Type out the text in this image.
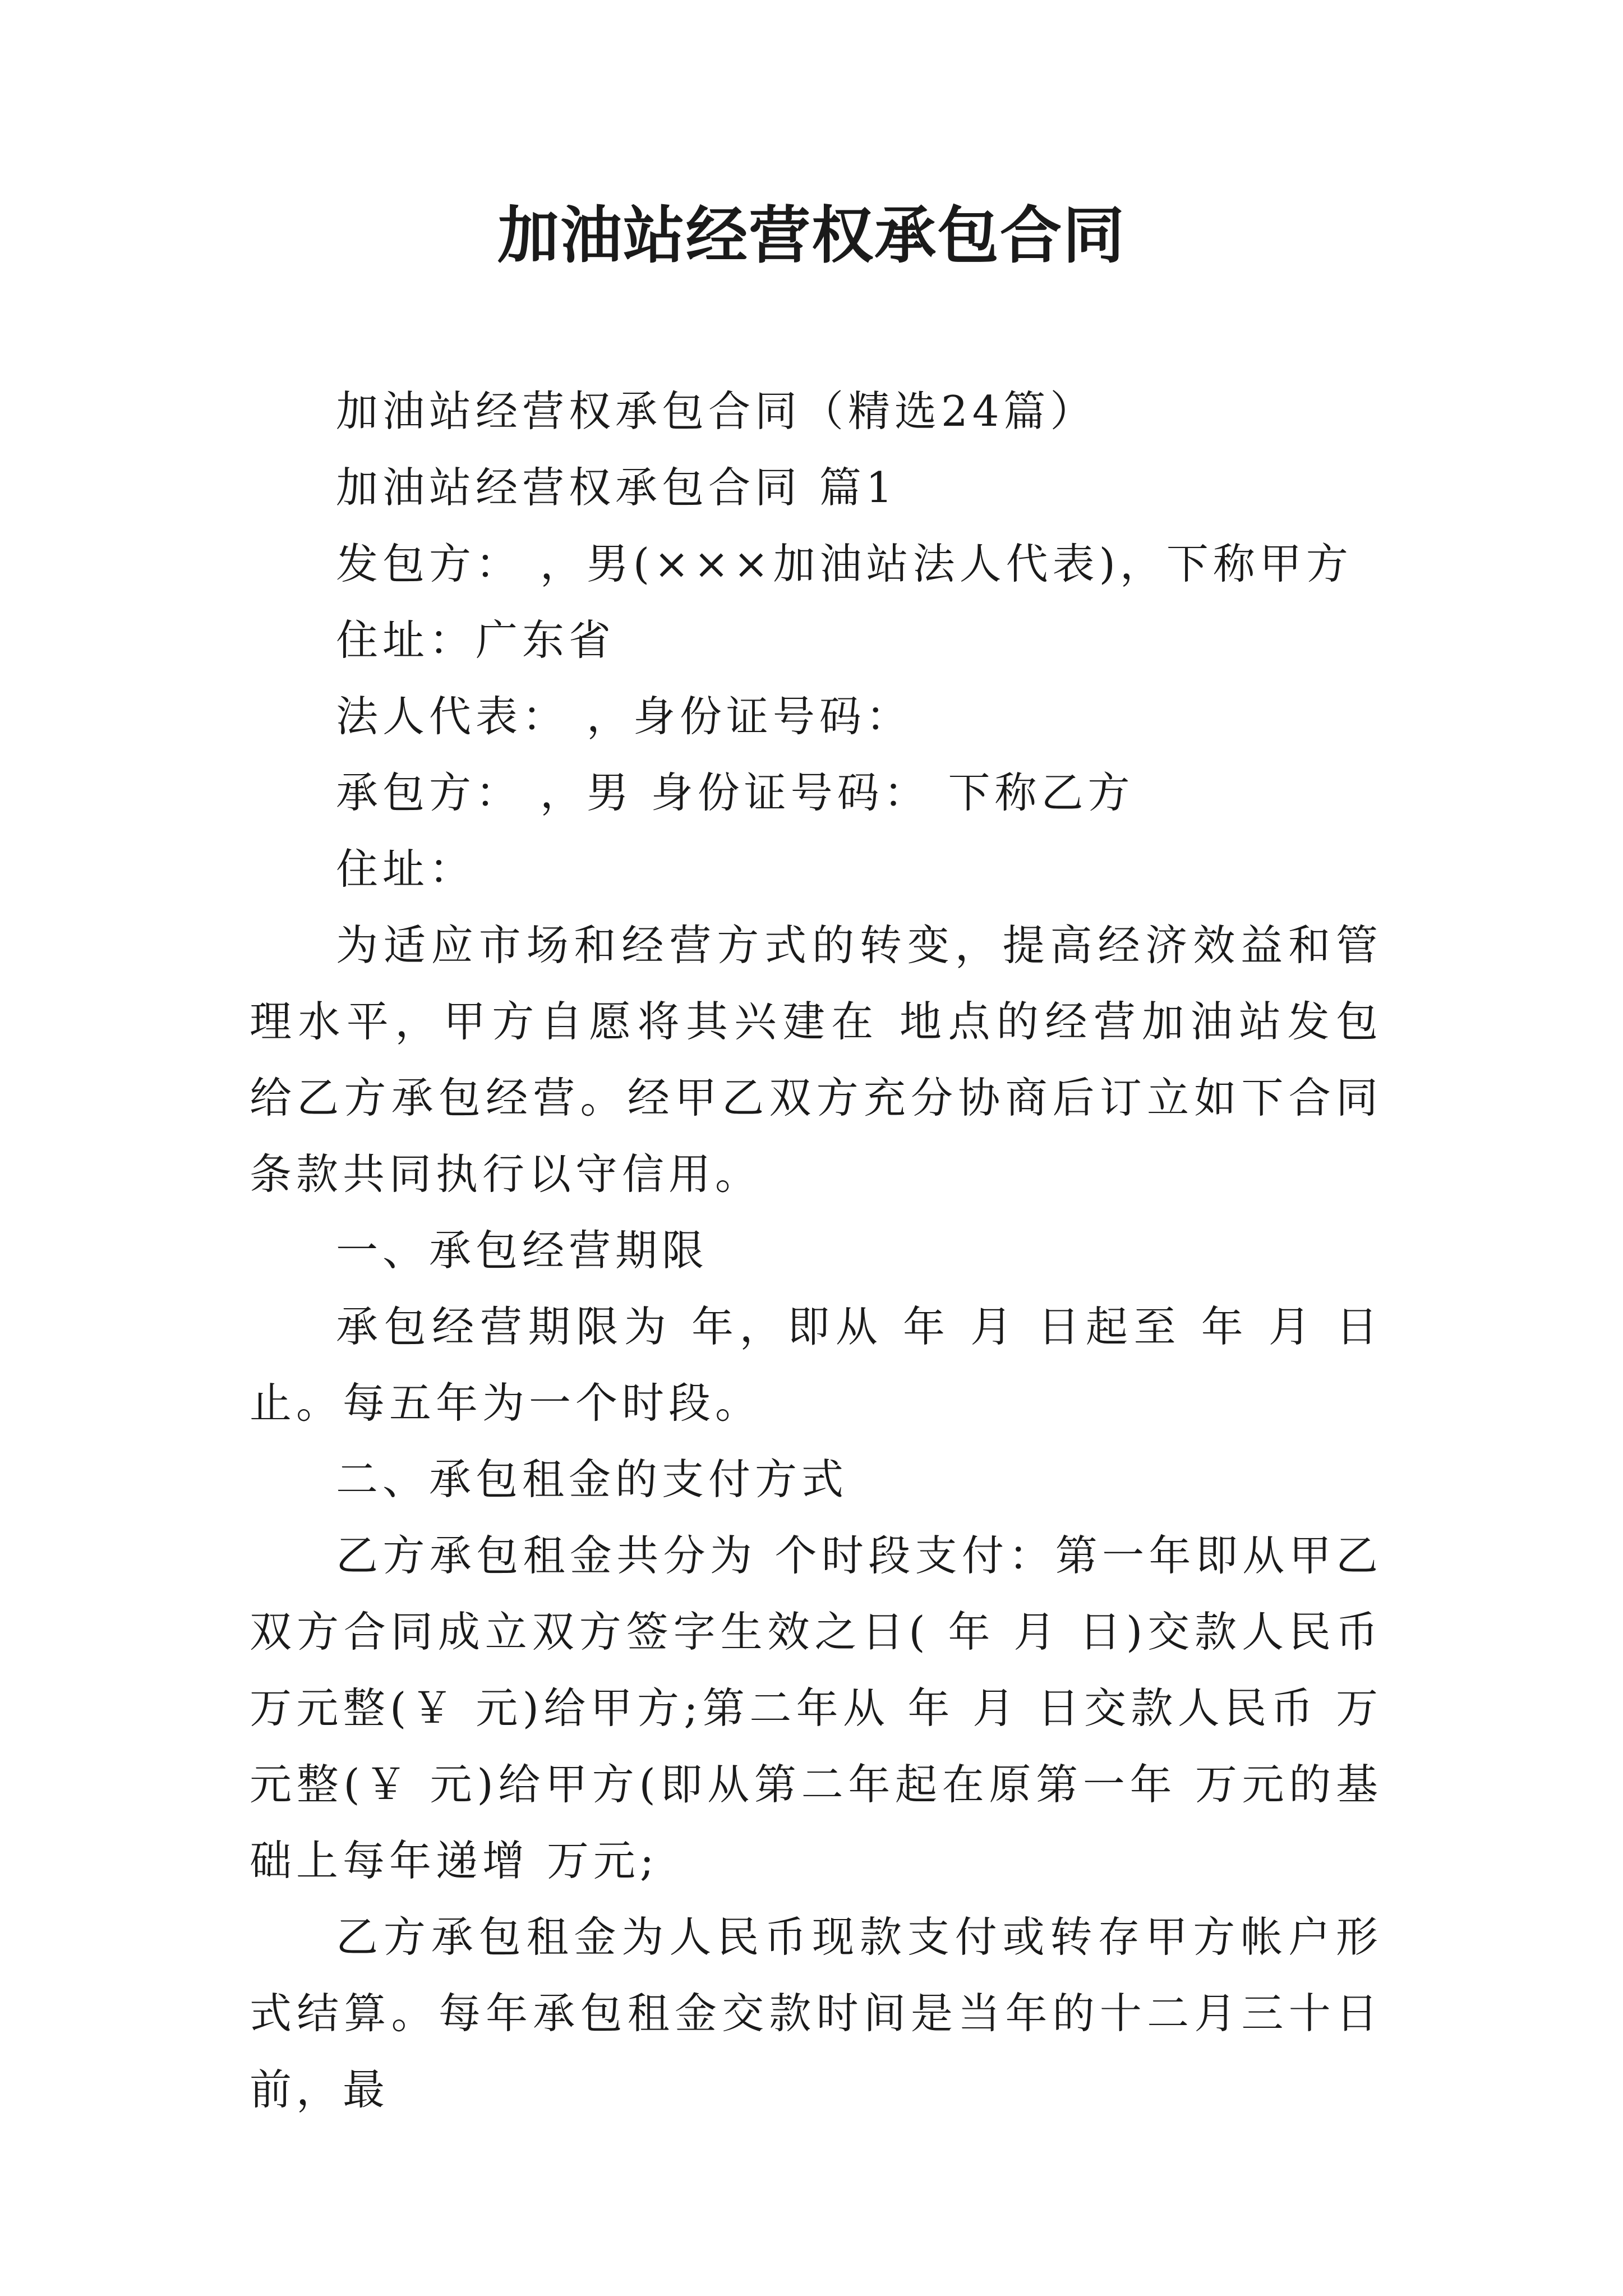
加油站经营权承包合同

加油站经营权承包合同（精选24篇）

加油站经营权承包合同 篇1

发包方： ，男(×××加油站法人代表)，下称甲方

住址：广东省

法人代表： ，身份证号码：

承包方： ，男 身份证号码： 下称乙方

住址：

为适应市场和经营方式的转变，提高经济效益和管理水平，甲方自愿将其兴建在 地点的经营加油站发包给乙方承包经营。经甲乙双方充分协商后订立如下合同条款共同执行以守信用。

一、承包经营期限

承包经营期限为 年，即从 年 月 日起至 年 月 日止。每五年为一个时段。

二、承包租金的支付方式

乙方承包租金共分为 个时段支付：第一年即从甲乙双方合同成立双方签字生效之日( 年 月 日)交款人民币 万元整(￥ 元)给甲方;第二年从 年 月 日交款人民币 万元整(￥ 元)给甲方(即从第二年起在原第一年 万元的基础上每年递增 万元;

乙方承包租金为人民币现款支付或转存甲方帐户形式结算。每年承包租金交款时间是当年的十二月三十日前，最
